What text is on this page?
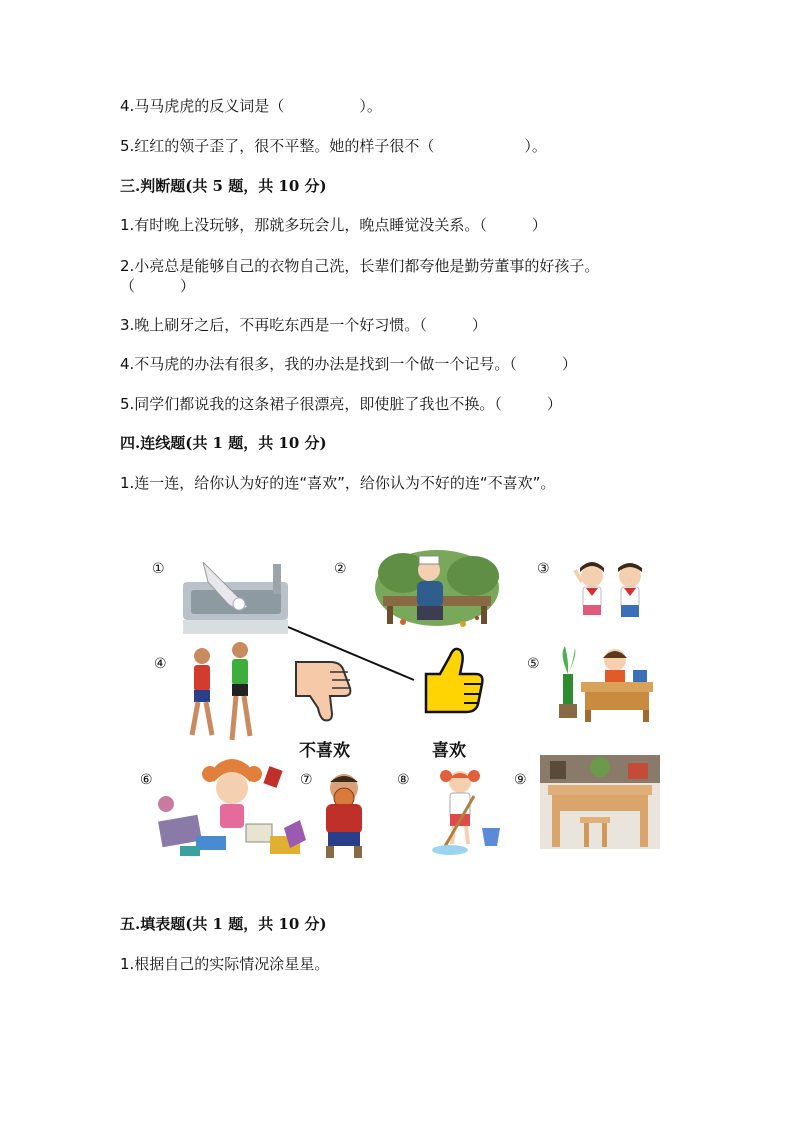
4.马马虎虎的反义词是（　　　　　）。
5.红红的领子歪了，很不平整。她的样子很不（　　　　　　）。
三.判断题(共 5 题，共 10 分)
1.有时晚上没玩够，那就多玩会儿，晚点睡觉没关系。（　　　）
2.小亮总是能够自己的衣物自己洗，长辈们都夸他是勤劳董事的好孩子。
（　　　）
3.晚上刷牙之后，不再吃东西是一个好习惯。（　　　）
4.不马虎的办法有很多，我的办法是找到一个做一个记号。（　　　）
5.同学们都说我的这条裙子很漂亮，即使脏了我也不换。（　　　）
四.连线题(共 1 题，共 10 分)
1.连一连，给你认为好的连“喜欢”，给你认为不好的连“不喜欢”。
①	②	③
④	⑤
⑥	⑦	⑧	⑨
不喜欢	喜欢
五.填表题(共 1 题，共 10 分)
1.根据自己的实际情况涂星星。
